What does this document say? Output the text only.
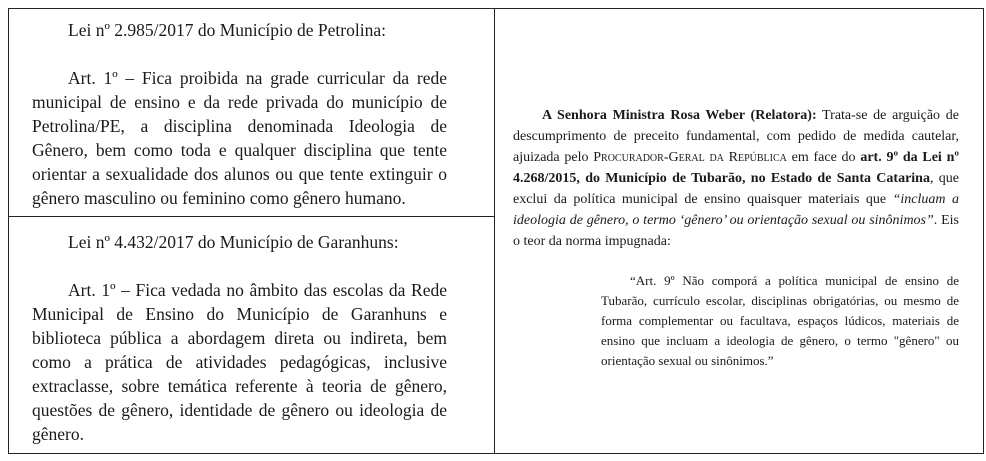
Lei nº 2.985/2017 do Município de Petrolina:

Art. 1º – Fica proibida na grade curricular da rede municipal de ensino e da rede privada do município de Petrolina/PE, a disciplina denominada Ideologia de Gênero, bem como toda e qualquer disciplina que tente orientar a sexualidade dos alunos ou que tente extinguir o gênero masculino ou feminino como gênero humano.

Lei nº 4.432/2017 do Município de Garanhuns:

Art. 1º – Fica vedada no âmbito das escolas da Rede Municipal de Ensino do Município de Garanhuns e biblioteca pública a abordagem direta ou indireta, bem como a prática de atividades pedagógicas, inclusive extraclasse, sobre temática referente à teoria de gênero, questões de gênero, identidade de gênero ou ideologia de gênero.

A Senhora Ministra Rosa Weber (Relatora): Trata-se de arguição de descumprimento de preceito fundamental, com pedido de medida cautelar, ajuizada pelo Procurador-Geral da República em face do art. 9º da Lei nº 4.268/2015, do Município de Tubarão, no Estado de Santa Catarina, que exclui da política municipal de ensino quaisquer materiais que “incluam a ideologia de gênero, o termo ‘gênero’ ou orientação sexual ou sinônimos”. Eis o teor da norma impugnada:

“Art. 9º Não comporá a política municipal de ensino de Tubarão, currículo escolar, disciplinas obrigatórias, ou mesmo de forma complementar ou facultava, espaços lúdicos, materiais de ensino que incluam a ideologia de gênero, o termo "gênero" ou orientação sexual ou sinônimos.”
